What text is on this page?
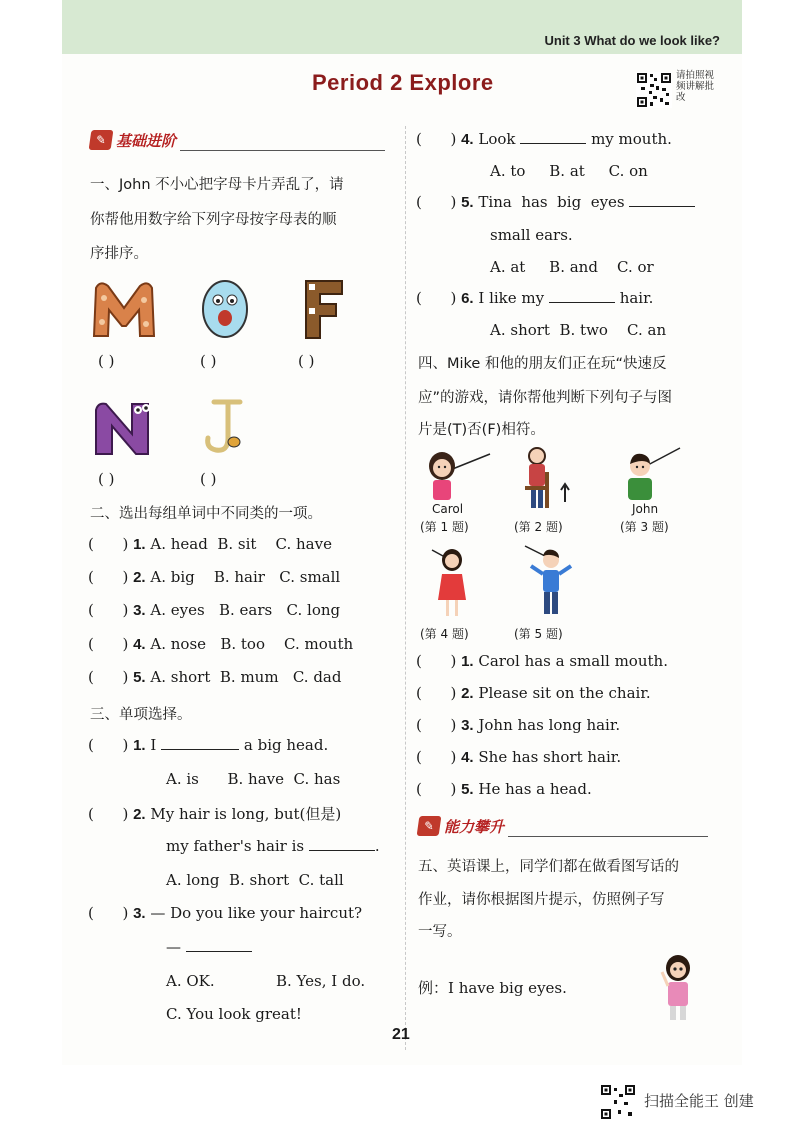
Unit 3 What do we look like?
Period 2 Explore	请拍照视频讲解批改
✎ 基础进阶
一、John 不小心把字母卡片弄乱了，请
你帮他用数字给下列字母按字母表的顺
序排序。
M
O
( )	( )	( )
N	J
( )	( )
二、选出每组单词中不同类的一项。
(      ) 1. A. head  B. sit    C. have
(      ) 2. A. big    B. hair   C. small
(      ) 3. A. eyes   B. ears   C. long
(      ) 4. A. nose   B. too    C. mouth
(      ) 5. A. short  B. mum   C. dad
三、单项选择。
(      ) 1. I	a big head.
A. is      B. have  C. has
(      ) 2. My hair is long, but(但是)
my father's hair is	.
A. long  B. short  C. tall
(      ) 3. — Do you like your haircut?
—
A. OK.	B. Yes, I do.
C. You look great!
(      ) 4. Look	my mouth.
A. to     B. at     C. on
(      ) 5. Tina  has  big  eyes
small ears.
A. at     B. and    C. or
(      ) 6. I like my	hair.
A. short  B. two    C. an
四、Mike 和他的朋友们正在玩“快速反
应”的游戏，请你帮他判断下列句子与图
片是(T)否(F)相符。
Carol
(第 1 题)	(第 2 题)
John
(第 3 题)
(第 4 题)	(第 5 题)
(      ) 1. Carol has a small mouth.
(      ) 2. Please sit on the chair.
(      ) 3. John has long hair.
(      ) 4. She has short hair.
(      ) 5. He has a head.
✎ 能力攀升
五、英语课上，同学们都在做看图写话的
作业，请你根据图片提示，仿照例子写
一写。
例：I have big eyes.
21
扫描全能王 创建
